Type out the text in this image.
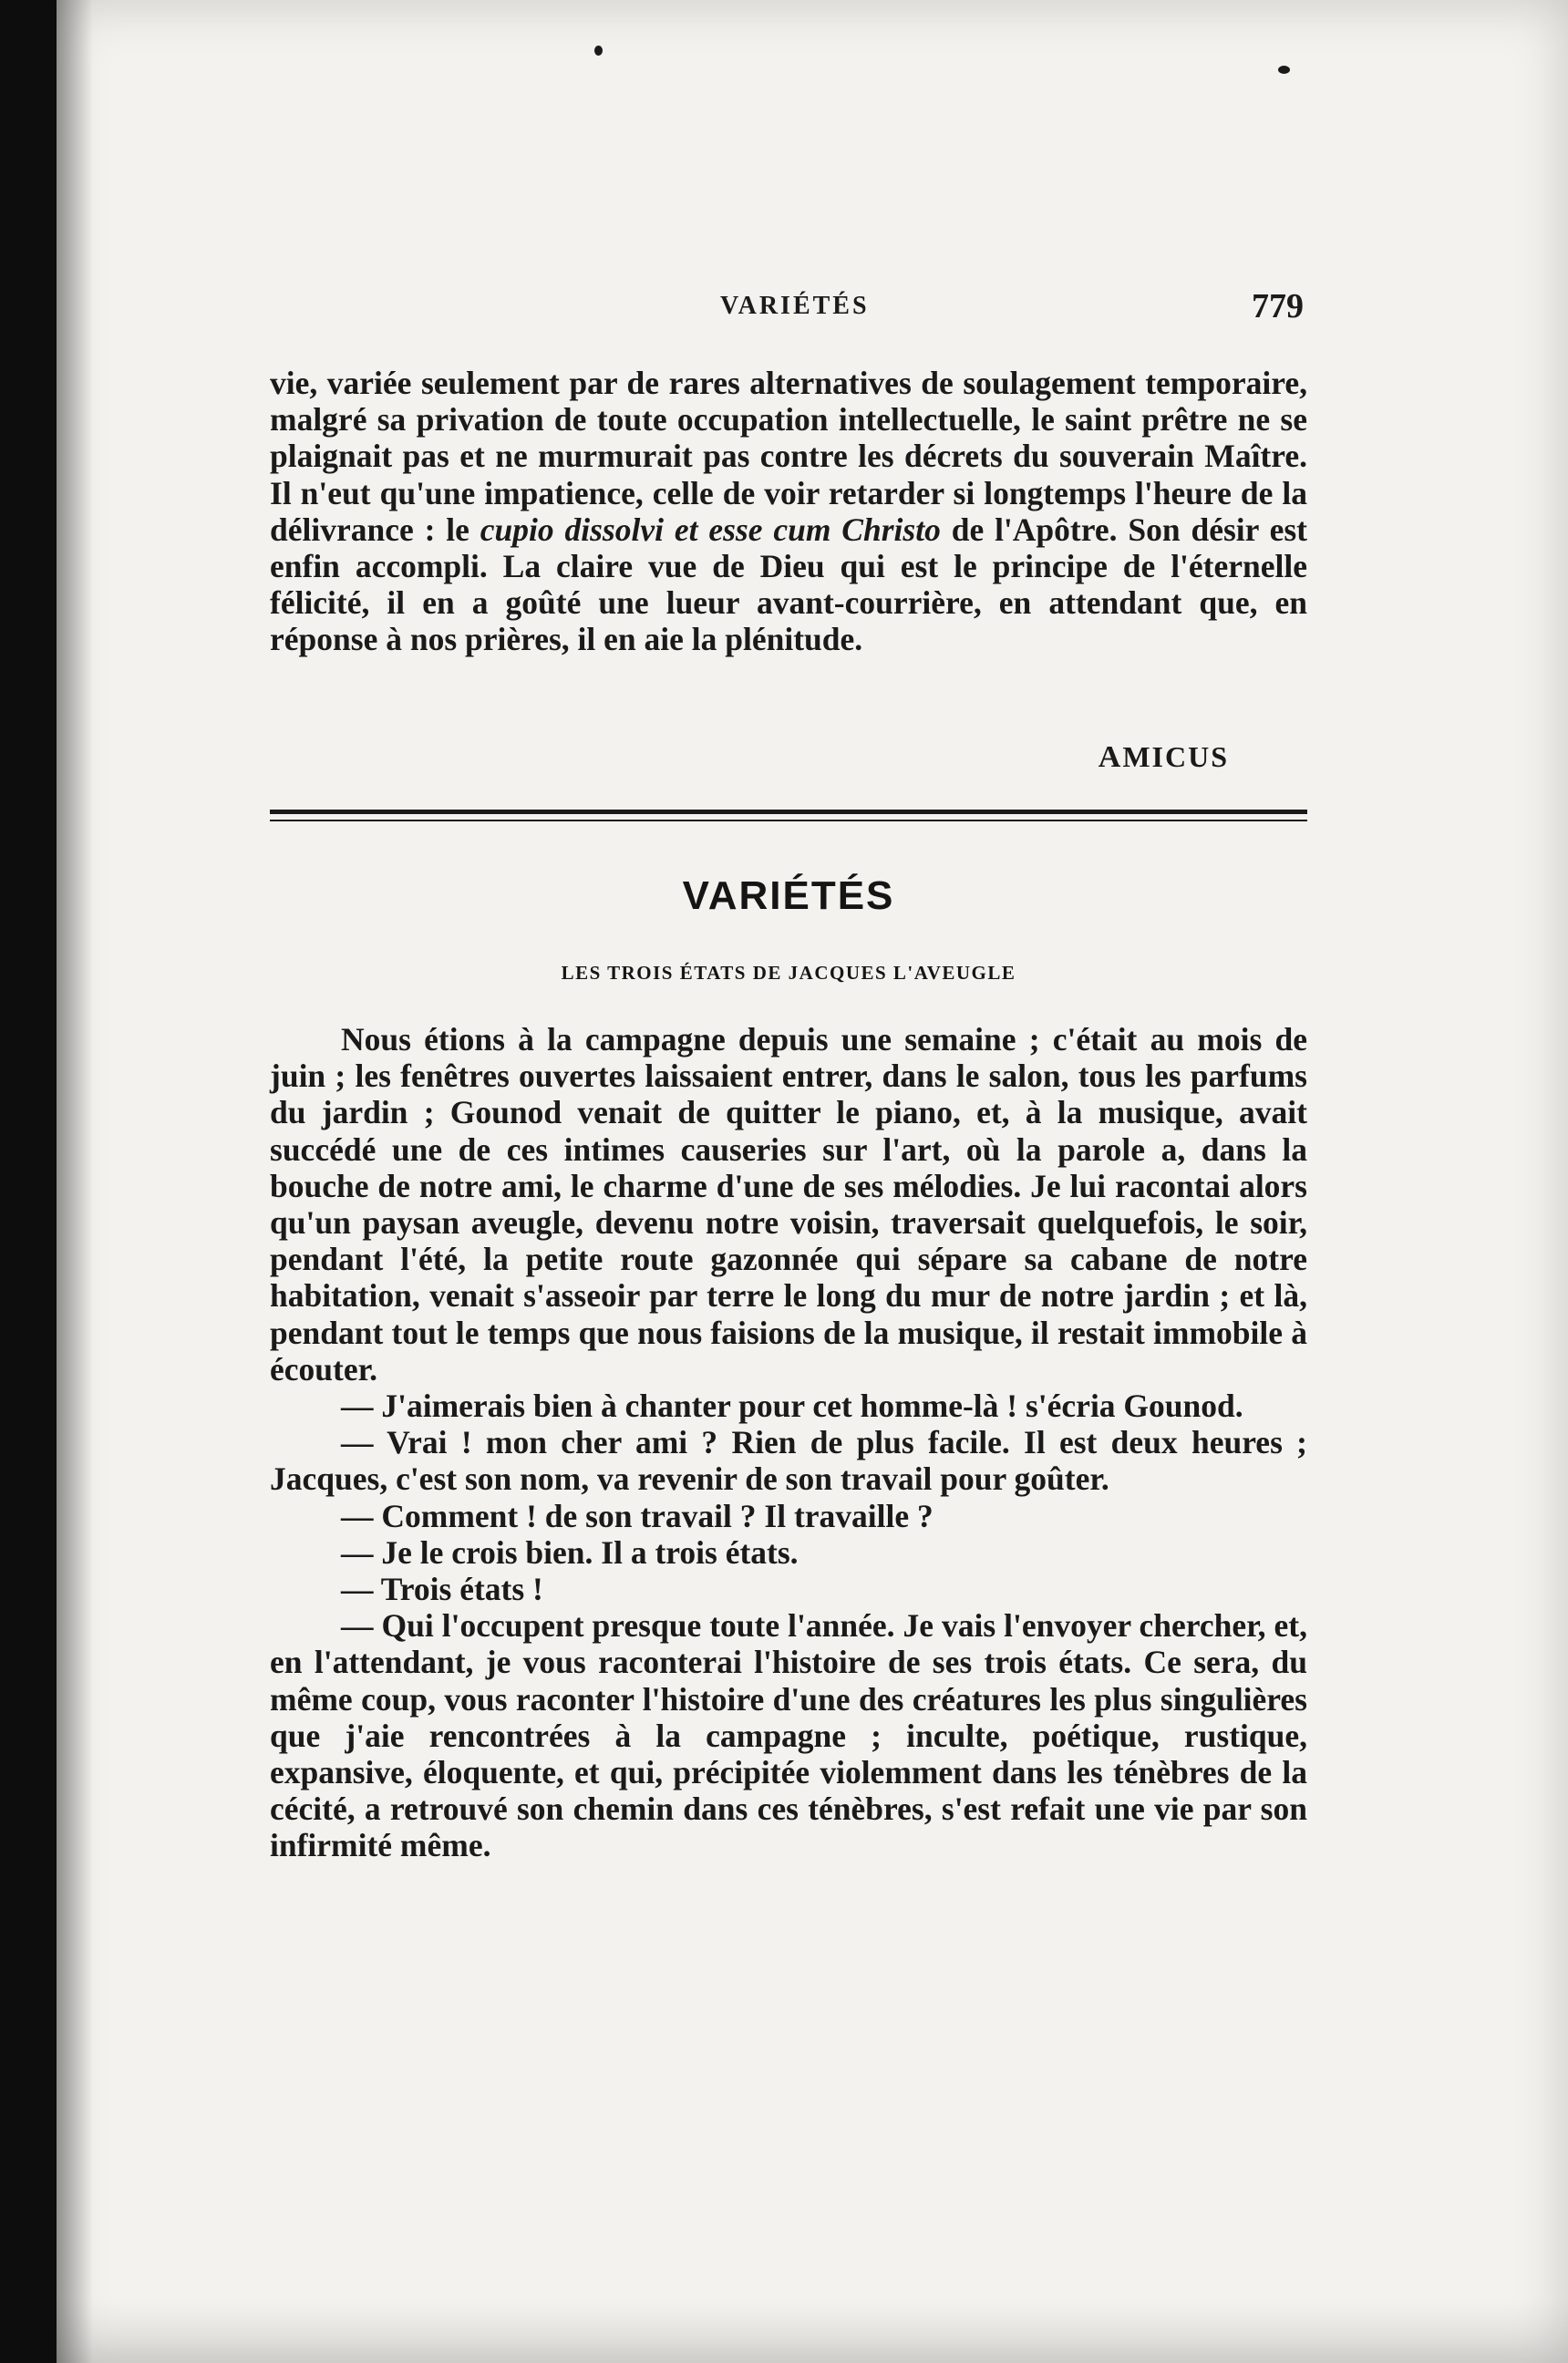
VARIÉTÉS	779

vie, variée seulement par de rares alternatives de soulagement temporaire, malgré sa privation de toute occupation intellectuelle, le saint prêtre ne se plaignait pas et ne murmurait pas contre les décrets du souverain Maître. Il n'eut qu'une impatience, celle de voir retarder si longtemps l'heure de la délivrance : le cupio dissolvi et esse cum Christo de l'Apôtre. Son désir est enfin accompli. La claire vue de Dieu qui est le principe de l'éternelle félicité, il en a goûté une lueur avant-courrière, en attendant que, en réponse à nos prières, il en aie la plénitude.

AMICUS
VARIÉTÉS
LES TROIS ÉTATS DE JACQUES L'AVEUGLE

Nous étions à la campagne depuis une semaine ; c'était au mois de juin ; les fenêtres ouvertes laissaient entrer, dans le salon, tous les parfums du jardin ; Gounod venait de quitter le piano, et, à la musique, avait succédé une de ces intimes causeries sur l'art, où la parole a, dans la bouche de notre ami, le charme d'une de ses mélodies. Je lui racontai alors qu'un paysan aveugle, devenu notre voisin, traversait quelquefois, le soir, pendant l'été, la petite route gazonnée qui sépare sa cabane de notre habitation, venait s'asseoir par terre le long du mur de notre jardin ; et là, pendant tout le temps que nous faisions de la musique, il restait immobile à écouter.

— J'aimerais bien à chanter pour cet homme-là ! s'écria Gounod.

— Vrai ! mon cher ami ? Rien de plus facile. Il est deux heures ; Jacques, c'est son nom, va revenir de son travail pour goûter.

— Comment ! de son travail ? Il travaille ?

— Je le crois bien. Il a trois états.

— Trois états !

— Qui l'occupent presque toute l'année. Je vais l'envoyer chercher, et, en l'attendant, je vous raconterai l'histoire de ses trois états. Ce sera, du même coup, vous raconter l'histoire d'une des créatures les plus singulières que j'aie rencontrées à la campagne ; inculte, poétique, rustique, expansive, éloquente, et qui, précipitée violemment dans les ténèbres de la cécité, a retrouvé son chemin dans ces ténèbres, s'est refait une vie par son infirmité même.
